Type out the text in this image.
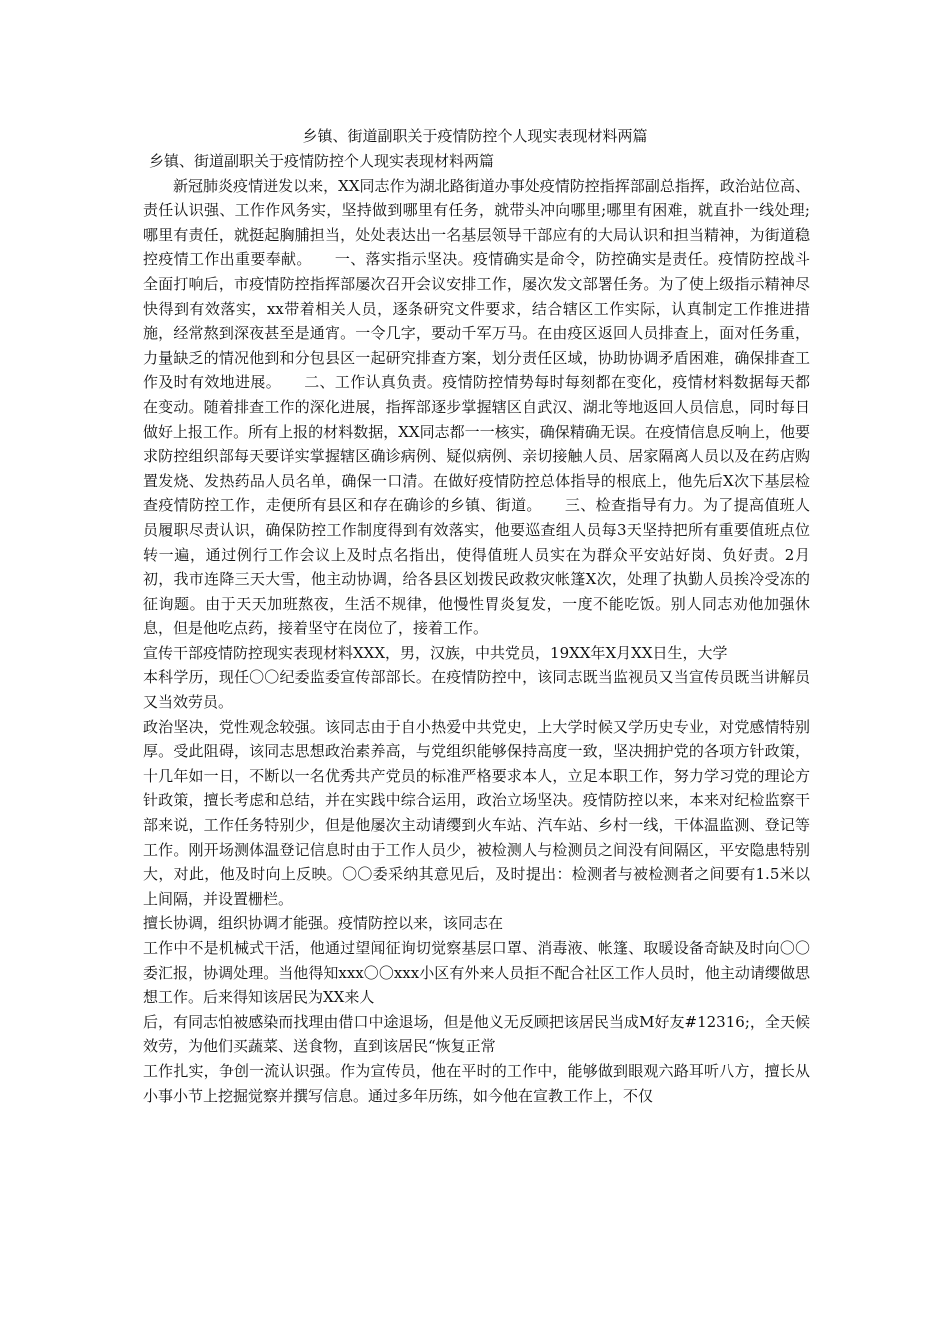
乡镇、街道副职关于疫情防控个人现实表现材料两篇

乡镇、街道副职关于疫情防控个人现实表现材料两篇

新冠肺炎疫情迸发以来，XX同志作为湖北路街道办事处疫情防控指挥部副总指挥，政治站位高、责任认识强、工作作风务实，坚持做到哪里有任务，就带头冲向哪里;哪里有困难，就直扑一线处理;哪里有责任，就挺起胸脯担当，处处表达出一名基层领导干部应有的大局认识和担当精神，为街道稳控疫情工作出重要奉献。　　一、落实指示坚决。疫情确实是命令，防控确实是责任。疫情防控战斗全面打响后，市疫情防控指挥部屡次召开会议安排工作，屡次发文部署任务。为了使上级指示精神尽快得到有效落实，xx带着相关人员，逐条研究文件要求，结合辖区工作实际，认真制定工作推进措施，经常熬到深夜甚至是通宵。一令几字，要动千军万马。在由疫区返回人员排查上，面对任务重，力量缺乏的情况他到和分包县区一起研究排查方案，划分责任区域，协助协调矛盾困难，确保排查工作及时有效地进展。　　二、工作认真负责。疫情防控情势每时每刻都在变化，疫情材料数据每天都在变动。随着排查工作的深化进展，指挥部逐步掌握辖区自武汉、湖北等地返回人员信息，同时每日做好上报工作。所有上报的材料数据，XX同志都一一核实，确保精确无误。在疫情信息反响上，他要求防控组织部每天要详实掌握辖区确诊病例、疑似病例、亲切接触人员、居家隔离人员以及在药店购置发烧、发热药品人员名单，确保一口清。在做好疫情防控总体指导的根底上，他先后X次下基层检查疫情防控工作，走便所有县区和存在确诊的乡镇、街道。　　三、检查指导有力。为了提高值班人员履职尽责认识，确保防控工作制度得到有效落实，他要巡查组人员每3天坚持把所有重要值班点位转一遍，通过例行工作会议上及时点名指出，使得值班人员实在为群众平安站好岗、负好责。2月初，我市连降三天大雪，他主动协调，给各县区划拨民政救灾帐篷X次，处理了执勤人员挨冷受冻的征询题。由于天天加班熬夜，生活不规律，他慢性胃炎复发，一度不能吃饭。别人同志劝他加强休息，但是他吃点药，接着坚守在岗位了，接着工作。

宣传干部疫情防控现实表现材料XXX，男，汉族，中共党员，19XX年X月XX日生，大学

本科学历，现任〇〇纪委监委宣传部部长。在疫情防控中，该同志既当监视员又当宣传员既当讲解员又当效劳员。

政治坚决，党性观念较强。该同志由于自小热爱中共党史，上大学时候又学历史专业，对党感情特别厚。受此阻碍，该同志思想政治素养高，与党组织能够保持高度一致，坚决拥护党的各项方针政策，十几年如一日，不断以一名优秀共产党员的标准严格要求本人，立足本职工作，努力学习党的理论方针政策，擅长考虑和总结，并在实践中综合运用，政治立场坚决。疫情防控以来，本来对纪检监察干部来说，工作任务特别少，但是他屡次主动请缨到火车站、汽车站、乡村一线，干体温监测、登记等工作。刚开场测体温登记信息时由于工作人员少，被检测人与检测员之间没有间隔区，平安隐患特别大，对此，他及时向上反映。〇〇委采纳其意见后，及时提出：检测者与被检测者之间要有1.5米以上间隔，并设置栅栏。

擅长协调，组织协调才能强。疫情防控以来，该同志在

工作中不是机械式干活，他通过望闻征询切觉察基层口罩、消毒液、帐篷、取暖设备奇缺及时向〇〇委汇报，协调处理。当他得知xxx〇〇xxx小区有外来人员拒不配合社区工作人员时，他主动请缨做思想工作。后来得知该居民为XX来人

后，有同志怕被感染而找理由借口中途退场，但是他义无反顾把该居民当成M好友#12316;，全天候效劳，为他们买蔬菜、送食物，直到该居民“恢复正常

工作扎实，争创一流认识强。作为宣传员，他在平时的工作中，能够做到眼观六路耳听八方，擅长从小事小节上挖掘觉察并撰写信息。通过多年历练，如今他在宣教工作上，不仅
